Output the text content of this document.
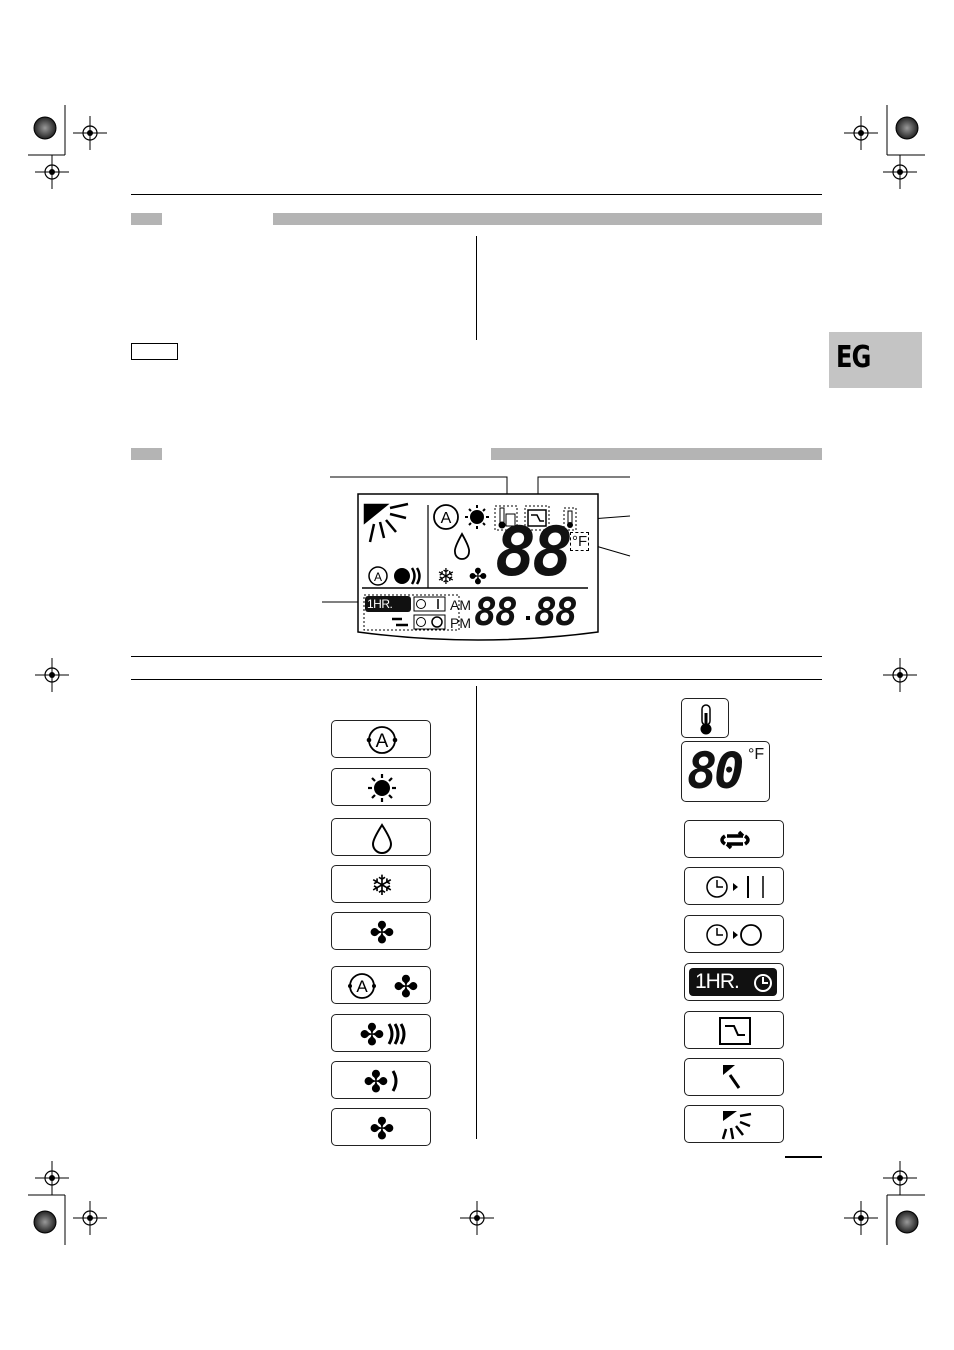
EG
A
A ❄ ✤ 88 °F
1HR.	AM
PM 88 88
A
❄
✤
A ✤
✤
✤
✤
80 °F
1HR.
